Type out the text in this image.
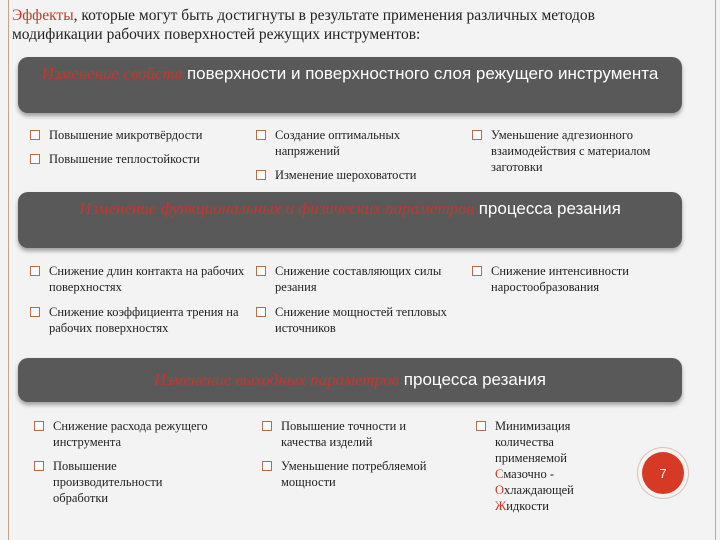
Эффекты, которые могут быть достигнуты в результате применения различных методов модификации рабочих поверхностей режущих инструментов:
Изменение свойств поверхности и поверхностного слоя режущего инструмента
Повышение микротвёрдости
Повышение теплостойкости
Создание оптимальных напряжений
Изменение шероховатости
Уменьшение адгезионного взаимодействия с материалом заготовки
Изменение функциональных и физических параметров процесса резания
Снижение длин контакта на рабочих поверхностях
Снижение коэффициента трения на рабочих поверхностях
Снижение составляющих силы резания
Снижение мощностей тепловых источников
Снижение интенсивности наростообразования
Изменение выходных параметров процесса резания
Снижение расхода режущего инструмента
Повышение производительности обработки
Повышение точности и качества изделий
Уменьшение потребляемой мощности
Минимизация количества применяемой
Смазочно -
Охлаждающей
Жидкости
7
